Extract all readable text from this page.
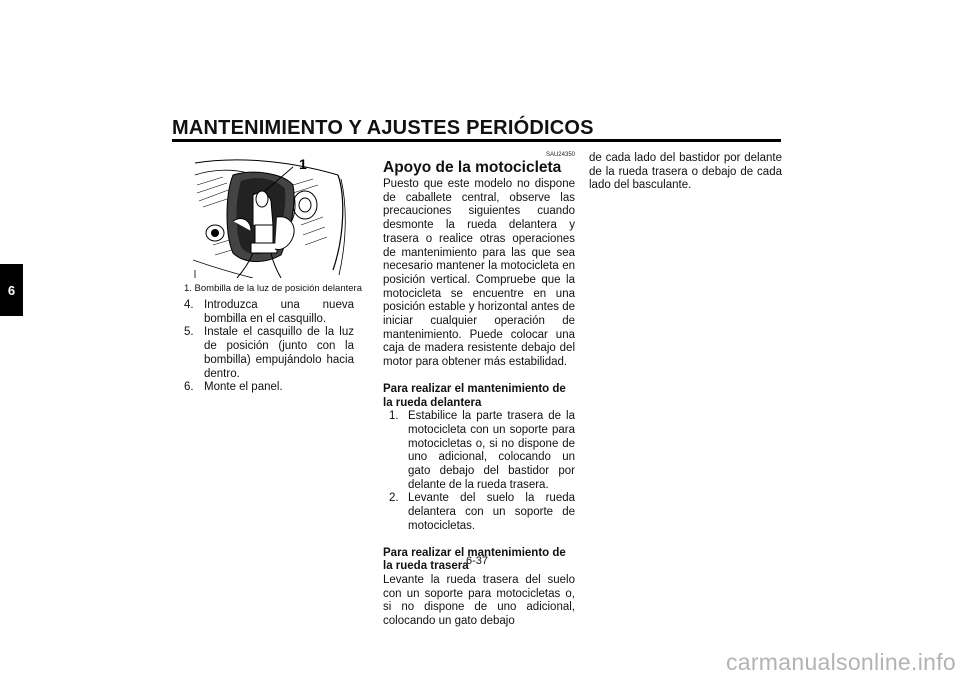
MANTENIMIENTO Y AJUSTES PERIÓDICOS
6
1
1. Bombilla de la luz de posición delantera
4. Introduzca una nueva bombilla en el casquillo.
5. Instale el casquillo de la luz de posición (junto con la bombilla) empujándolo hacia dentro.
6. Monte el panel.
SAU24350
Apoyo de la motocicleta

Puesto que este modelo no dispone de caballete central, observe las precauciones siguientes cuando desmonte la rueda delantera y trasera o realice otras operaciones de mantenimiento para las que sea necesario mantener la motocicleta en posición vertical. Compruebe que la motocicleta se encuentre en una posición estable y horizontal antes de iniciar cualquier operación de mantenimiento. Puede colocar una caja de madera resistente debajo del motor para obtener más estabilidad.

Para realizar el mantenimiento de la rueda delantera
1. Estabilice la parte trasera de la motocicleta con un soporte para motocicletas o, si no dispone de uno adicional, colocando un gato debajo del bastidor por delante de la rueda trasera.
2. Levante del suelo la rueda delantera con un soporte de motocicletas.
Para realizar el mantenimiento de la rueda trasera

Levante la rueda trasera del suelo con un soporte para motocicletas o, si no dispone de uno adicional, colocando un gato debajo

de cada lado del bastidor por delante de la rueda trasera o debajo de cada lado del basculante.
6-37
carmanualsonline.info
